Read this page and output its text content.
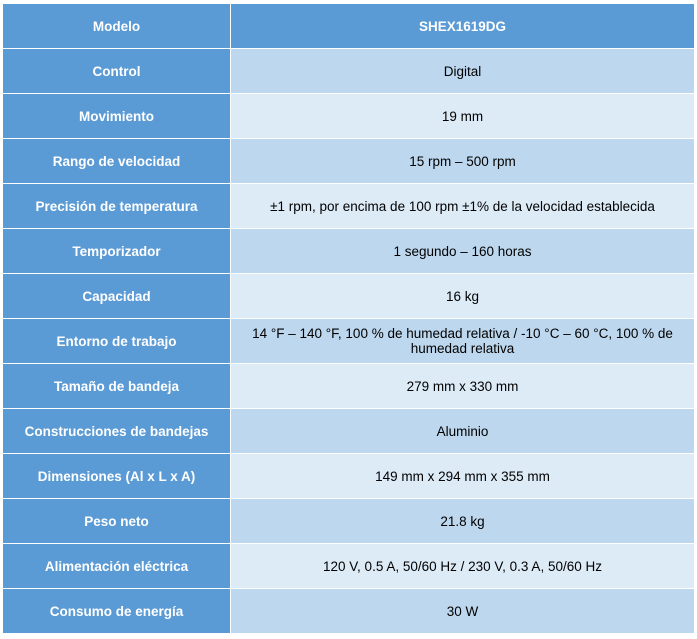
Modelo	SHEX1619DG
Control	Digital
Movimiento	19 mm
Rango de velocidad	15 rpm – 500 rpm
Precisión de temperatura	±1 rpm, por encima de 100 rpm ±1% de la velocidad establecida
Temporizador	1 segundo – 160 horas
Capacidad	16 kg
Entorno de trabajo	14 °F – 140 °F, 100 % de humedad relativa / -10 °C – 60 °C, 100 % de humedad relativa
Tamaño de bandeja	279 mm x 330 mm
Construcciones de bandejas	Aluminio
Dimensiones (Al x L x A)	149 mm x 294 mm x 355 mm
Peso neto	21.8 kg
Alimentación eléctrica	120 V, 0.5 A, 50/60 Hz / 230 V, 0.3 A, 50/60 Hz
Consumo de energía	30 W
